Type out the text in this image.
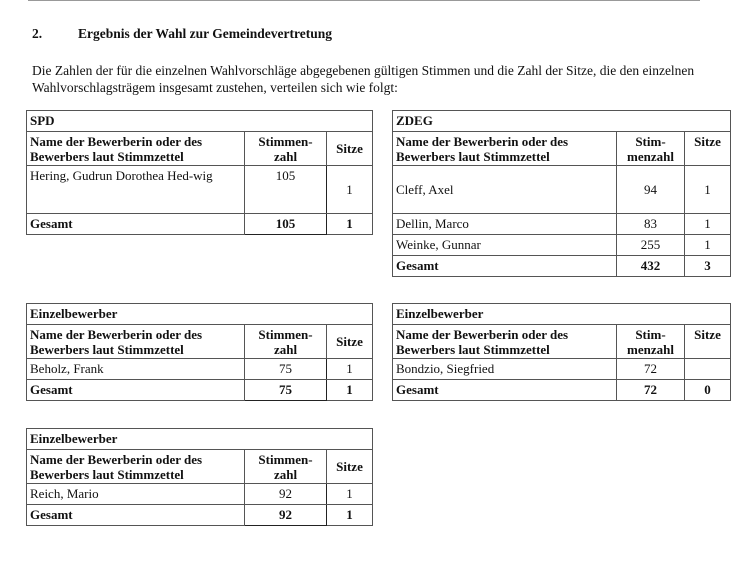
2.	Ergebnis der Wahl zur Gemeindevertretung
Die Zahlen der für die einzelnen Wahlvorschläge abgegebenen gültigen Stimmen und die Zahl der Sitze, die den einzelnen Wahlvorschlagsträgem insgesamt zustehen, verteilen sich wie folgt:
SPD		
Name der Bewerberin oder des Bewerbers laut Stimmzettel	Stimmen-zahl	Sitze
Hering, Gudrun Dorothea Hed-wig	105	1
Gesamt	105	1
ZDEG		
Name der Bewerberin oder des Bewerbers laut Stimmzettel	Stim-menzahl	Sitze
Cleff, Axel	94	1
Dellin, Marco	83	1
Weinke, Gunnar	255	1
Gesamt	432	3
Einzelbewerber		
Name der Bewerberin oder des Bewerbers laut Stimmzettel	Stimmen-zahl	Sitze
Beholz, Frank	75	1
Gesamt	75	1
Einzelbewerber		
Name der Bewerberin oder des Bewerbers laut Stimmzettel	Stim-menzahl	Sitze
Bondzio, Siegfried	72	
Gesamt	72	0
Einzelbewerber		
Name der Bewerberin oder des Bewerbers laut Stimmzettel	Stimmen-zahl	Sitze
Reich, Mario	92	1
Gesamt	92	1
